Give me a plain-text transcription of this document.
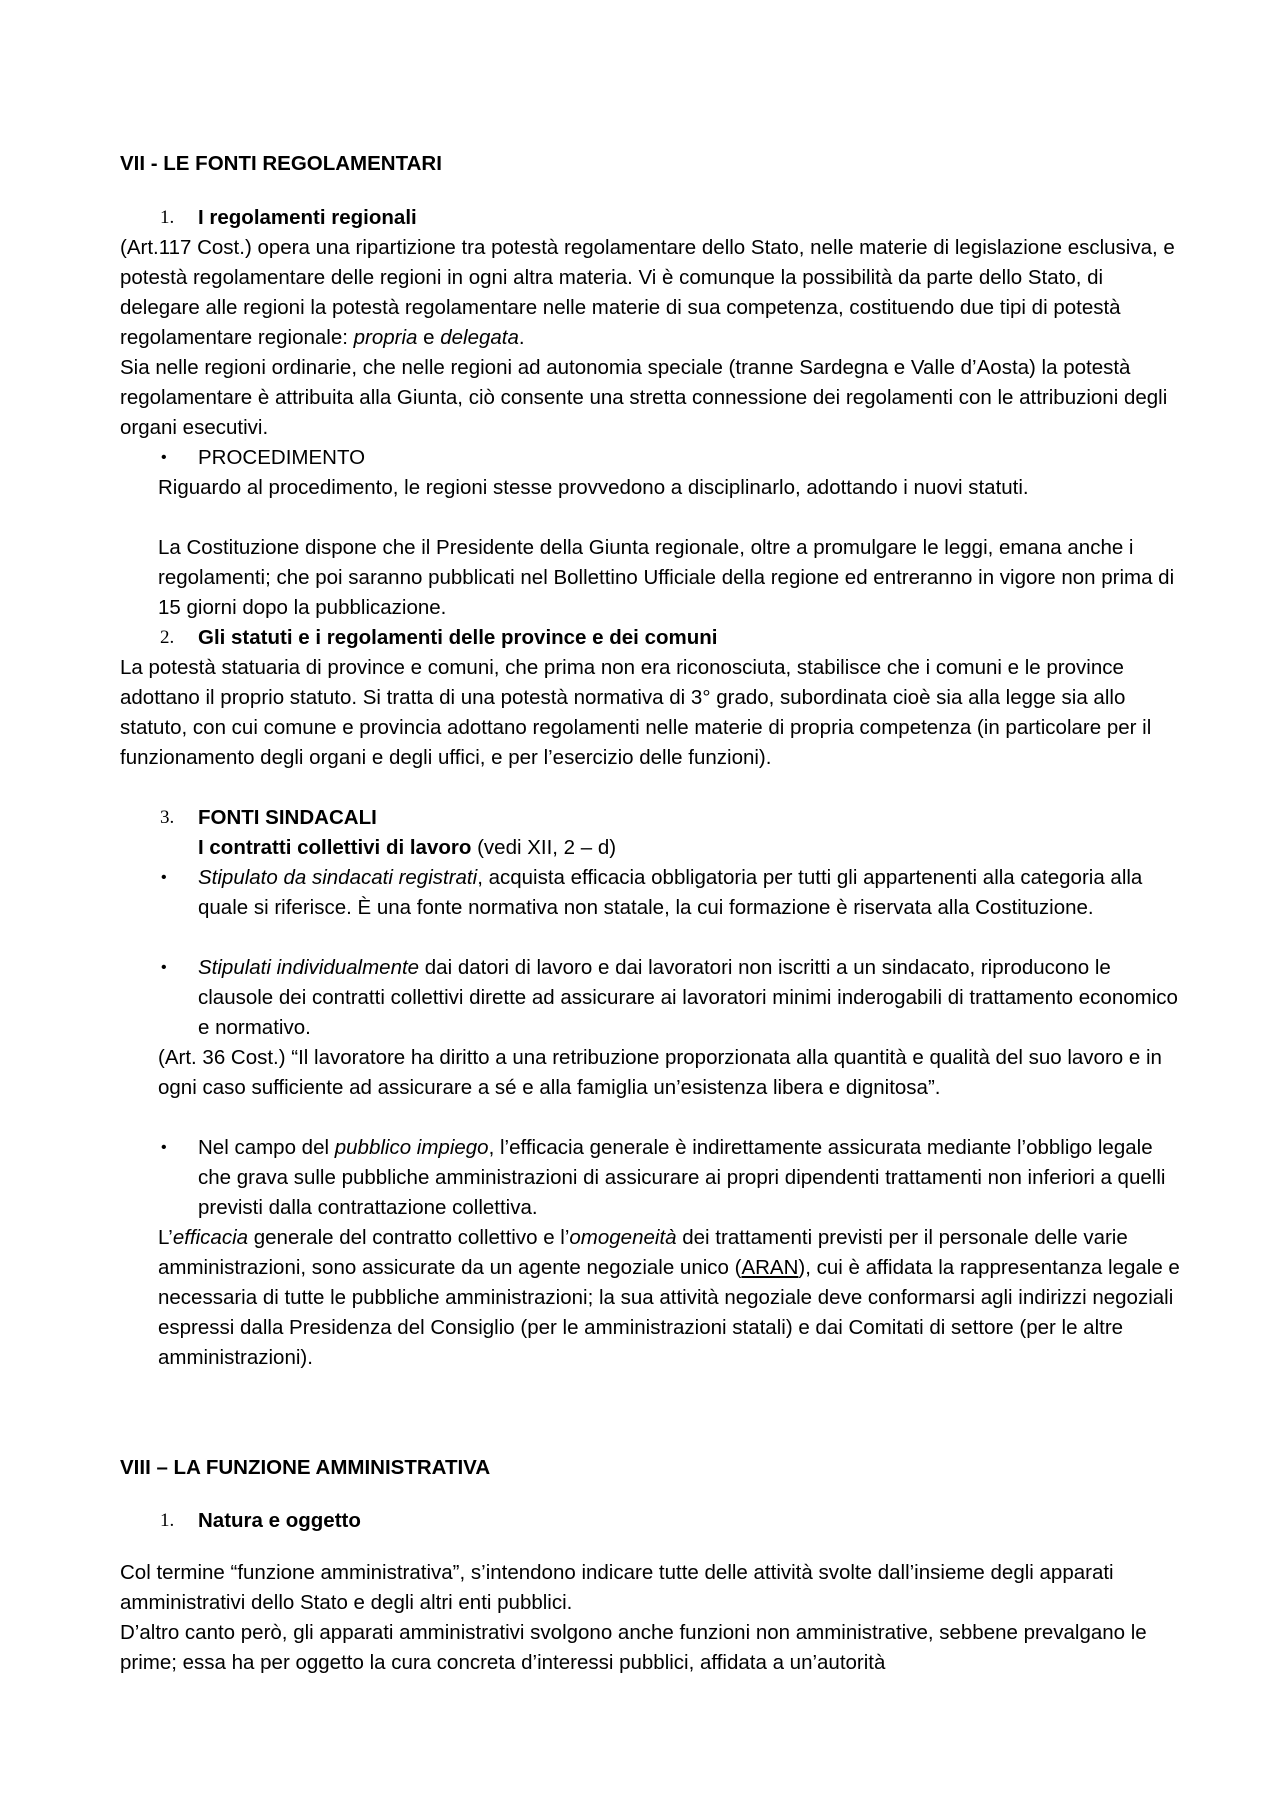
VII - LE FONTI REGOLAMENTARI
1. I regolamenti regionali

(Art.117 Cost.) opera una ripartizione tra potestà regolamentare dello Stato, nelle materie di legislazione esclusiva, e potestà regolamentare delle regioni in ogni altra materia. Vi è comunque la possibilità da parte dello Stato, di delegare alle regioni la potestà regolamentare nelle materie di sua competenza, costituendo due tipi di potestà regolamentare regionale: propria e delegata.

Sia nelle regioni ordinarie, che nelle regioni ad autonomia speciale (tranne Sardegna e Valle d’Aosta) la potestà regolamentare è attribuita alla Giunta, ciò consente una stretta connessione dei regolamenti con le attribuzioni degli organi esecutivi.

• PROCEDIMENTO

Riguardo al procedimento, le regioni stesse provvedono a disciplinarlo, adottando i nuovi statuti.

La Costituzione dispone che il Presidente della Giunta regionale, oltre a promulgare le leggi, emana anche i regolamenti; che poi saranno pubblicati nel Bollettino Ufficiale della regione ed entreranno in vigore non prima di 15 giorni dopo la pubblicazione.

2. Gli statuti e i regolamenti delle province e dei comuni

La potestà statuaria di province e comuni, che prima non era riconosciuta, stabilisce che i comuni e le province adottano il proprio statuto. Si tratta di una potestà normativa di 3° grado, subordinata cioè sia alla legge sia allo statuto, con cui comune e provincia adottano regolamenti nelle materie di propria competenza (in particolare per il funzionamento degli organi e degli uffici, e per l’esercizio delle funzioni).

3. FONTI SINDACALI
I contratti collettivi di lavoro (vedi XII, 2 – d)
• Stipulato da sindacati registrati, acquista efficacia obbligatoria per tutti gli appartenenti alla categoria alla quale si riferisce. È una fonte normativa non statale, la cui formazione è riservata alla Costituzione.

• Stipulati individualmente dai datori di lavoro e dai lavoratori non iscritti a un sindacato, riproducono le clausole dei contratti collettivi dirette ad assicurare ai lavoratori minimi inderogabili di trattamento economico e normativo.

(Art. 36 Cost.) “Il lavoratore ha diritto a una retribuzione proporzionata alla quantità e qualità del suo lavoro e in ogni caso sufficiente ad assicurare a sé e alla famiglia un’esistenza libera e dignitosa”.

• Nel campo del pubblico impiego, l’efficacia generale è indirettamente assicurata mediante l’obbligo legale che grava sulle pubbliche amministrazioni di assicurare ai propri dipendenti trattamenti non inferiori a quelli previsti dalla contrattazione collettiva.

L’efficacia generale del contratto collettivo e l’omogeneità dei trattamenti previsti per il personale delle varie amministrazioni, sono assicurate da un agente negoziale unico (ARAN), cui è affidata la rappresentanza legale e necessaria di tutte le pubbliche amministrazioni; la sua attività negoziale deve conformarsi agli indirizzi negoziali espressi dalla Presidenza del Consiglio (per le amministrazioni statali) e dai Comitati di settore (per le altre amministrazioni).

VIII – LA FUNZIONE AMMINISTRATIVA
1. Natura e oggetto

Col termine “funzione amministrativa”, s’intendono indicare tutte delle attività svolte dall’insieme degli apparati amministrativi dello Stato e degli altri enti pubblici.

D’altro canto però, gli apparati amministrativi svolgono anche funzioni non amministrative, sebbene prevalgano le prime; essa ha per oggetto la cura concreta d’interessi pubblici, affidata a un’autorità
